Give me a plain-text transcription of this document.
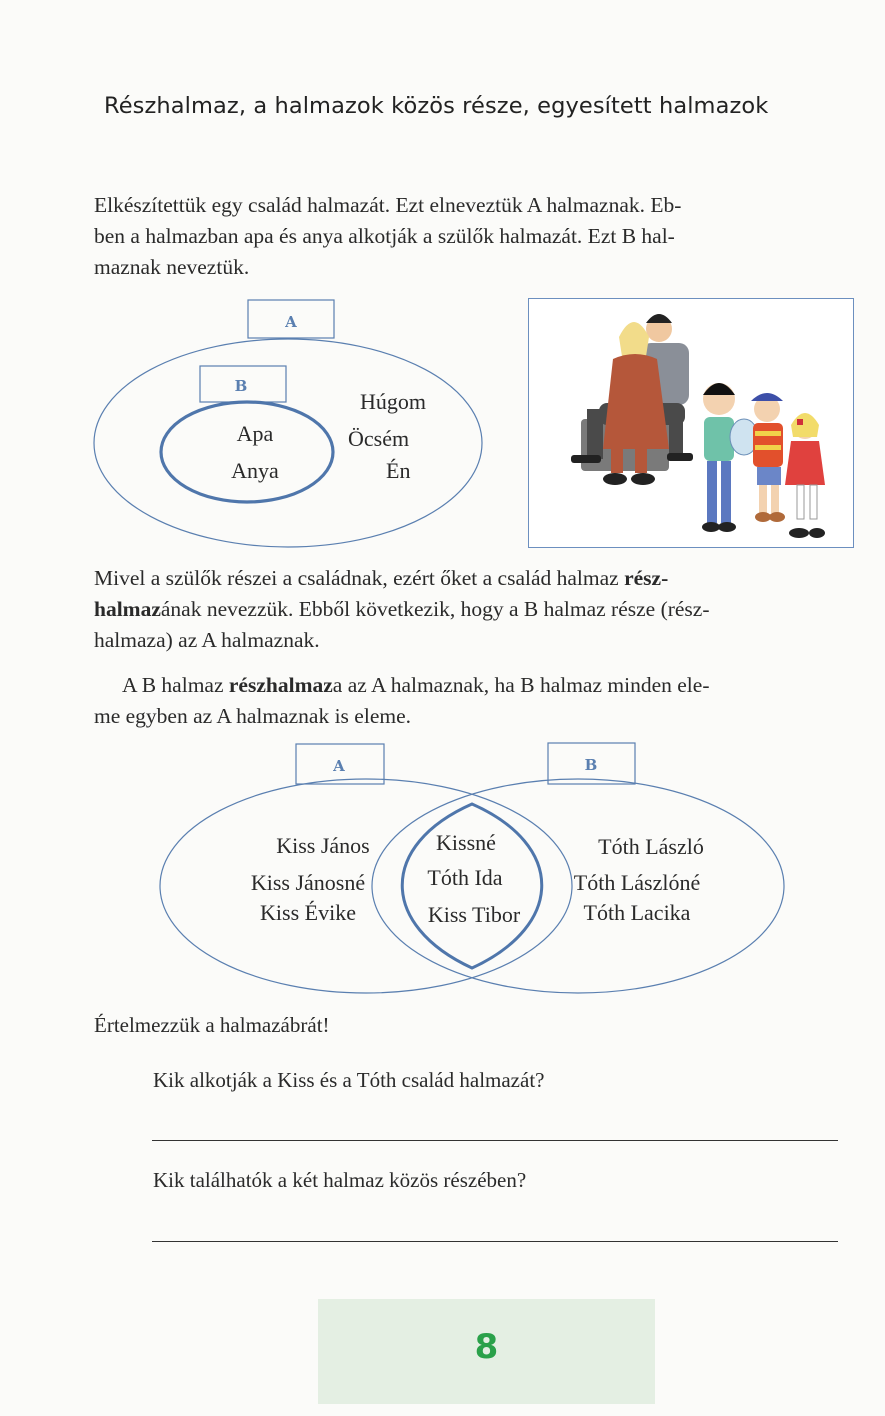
Részhalmaz, a halmazok közös része, egyesített halmazok
Elkészítettük egy család halmazát. Ezt elneveztük A halmaznak. Eb-
ben a halmazban apa és anya alkotják a szülők halmazát. Ezt B hal-
maznak neveztük.
A
B
Apa
Anya
Húgom
Öcsém
Én
A	B
Kiss János
Kiss Jánosné
Kiss Évike
Kissné
Tóth Ida
Kiss Tibor
Tóth László
Tóth Lászlóné
Tóth Lacika
Mivel a szülők részei a családnak, ezért őket a család halmaz rész-
halmazának nevezzük. Ebből következik, hogy a B halmaz része (rész-
halmaza) az A halmaznak.
A B halmaz részhalmaza az A halmaznak, ha B halmaz minden ele-
me egyben az A halmaznak is eleme.
Értelmezzük a halmazábrát!
Kik alkotják a Kiss és a Tóth család halmazát?
Kik találhatók a két halmaz közös részében?
8
